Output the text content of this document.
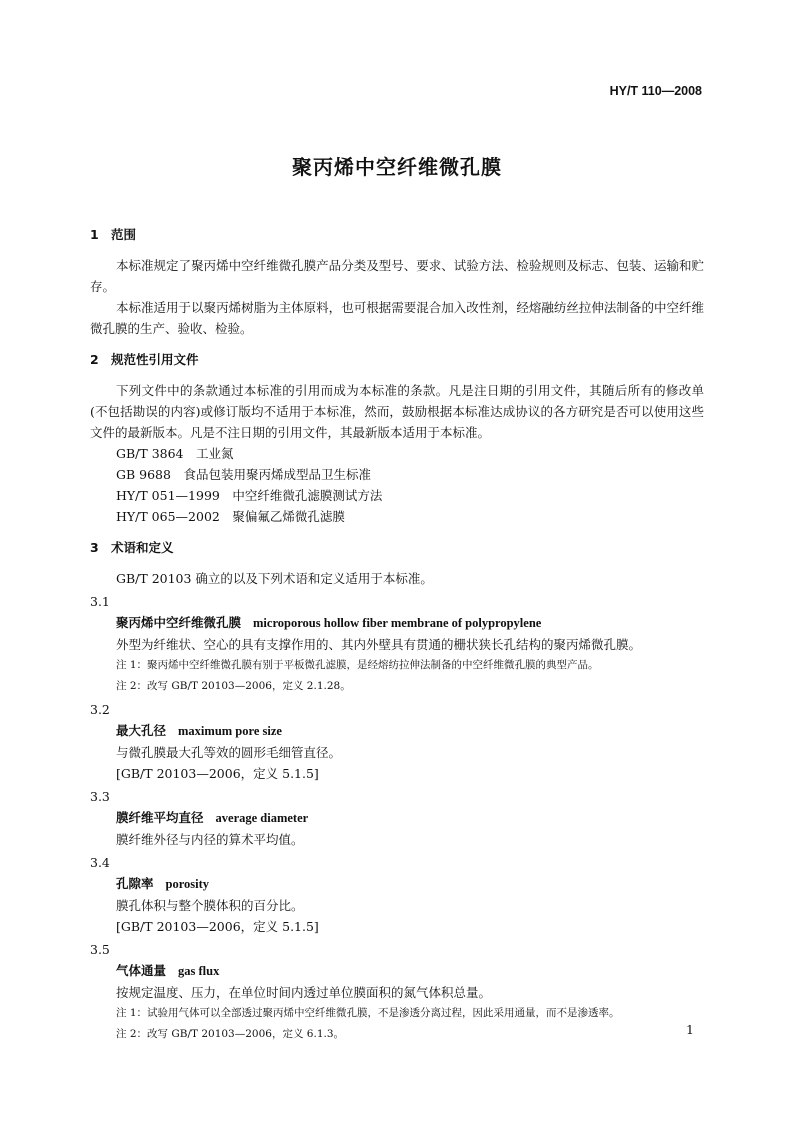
HY/T 110—2008
聚丙烯中空纤维微孔膜
1 范围

本标准规定了聚丙烯中空纤维微孔膜产品分类及型号、要求、试验方法、检验规则及标志、包装、运输和贮存。

本标准适用于以聚丙烯树脂为主体原料，也可根据需要混合加入改性剂，经熔融纺丝拉伸法制备的中空纤维微孔膜的生产、验收、检验。

2 规范性引用文件

下列文件中的条款通过本标准的引用而成为本标准的条款。凡是注日期的引用文件，其随后所有的修改单(不包括勘误的内容)或修订版均不适用于本标准，然而，鼓励根据本标准达成协议的各方研究是否可以使用这些文件的最新版本。凡是不注日期的引用文件，其最新版本适用于本标准。

GB/T 3864　 工业氮
GB 9688　 食品包装用聚丙烯成型品卫生标准
HY/T 051—1999　 中空纤维微孔滤膜测试方法
HY/T 065—2002　 聚偏氟乙烯微孔滤膜
3 术语和定义

GB/T 20103 确立的以及下列术语和定义适用于本标准。

3.1
聚丙烯中空纤维微孔膜 microporous hollow fiber membrane of polypropylene
外型为纤维状、空心的具有支撑作用的、其内外壁具有贯通的栅状狭长孔结构的聚丙烯微孔膜。
注 1：聚丙烯中空纤维微孔膜有别于平板微孔滤膜，是经熔纺拉伸法制备的中空纤维微孔膜的典型产品。
注 2：改写 GB/T 20103—2006，定义 2.1.28。
3.2
最大孔径 maximum pore size
与微孔膜最大孔等效的圆形毛细管直径。
[GB/T 20103—2006，定义 5.1.5]
3.3
膜纤维平均直径 average diameter
膜纤维外径与内径的算术平均值。
3.4
孔隙率 porosity
膜孔体积与整个膜体积的百分比。
[GB/T 20103—2006，定义 5.1.5]
3.5
气体通量 gas flux
按规定温度、压力，在单位时间内透过单位膜面积的氮气体积总量。
注 1：试验用气体可以全部透过聚丙烯中空纤维微孔膜，不是渗透分离过程，因此采用通量，而不是渗透率。
注 2：改写 GB/T 20103—2006，定义 6.1.3。	1
